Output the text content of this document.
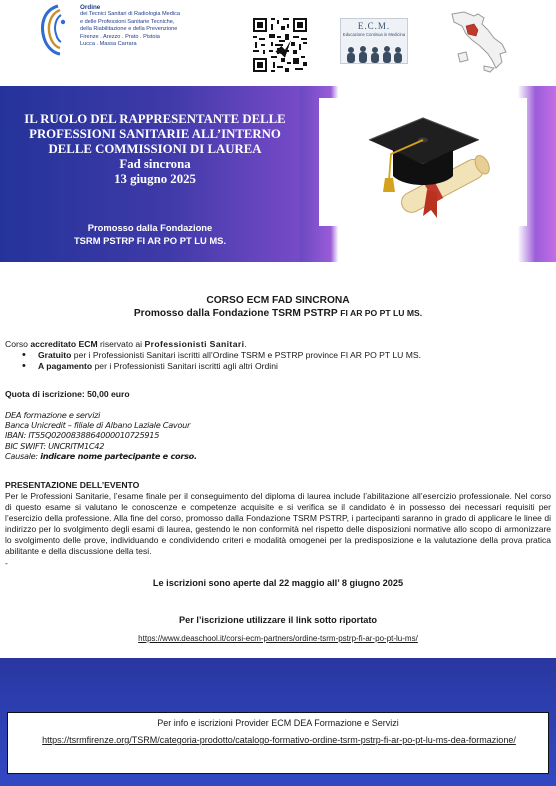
Ordine
dei Tecnici Sanitari di Radiologia Medica
e delle Professioni Sanitarie Tecniche,
della Riabilitazione e della Prevenzione
Firenze . Arezzo . Prato . Pistoia
Lucca . Massa Carrara
E.C.M.
Educazione Continua in Medicina
IL RUOLO DEL RAPPRESENTANTE DELLE
PROFESSIONI SANITARIE ALL’INTERNO
DELLE COMMISSIONI DI LAUREA
Fad sincrona
13 giugno 2025
Promosso dalla Fondazione
TSRM PSTRP FI AR PO PT LU MS.
CORSO ECM FAD SINCRONA
Promosso dalla Fondazione TSRM PSTRP FI AR PO PT LU MS.
Corso accreditato ECM riservato ai Professionisti Sanitari.
• Gratuito per i Professionisti Sanitari iscritti all’Ordine TSRM e PSTRP province FI AR PO PT LU MS.
• A pagamento per i Professionisti Sanitari iscritti agli altri Ordini
Quota di iscrizione: 50,00 euro
DEA formazione e servizi
Banca Unicredit – filiale di Albano Laziale Cavour
IBAN: IT55Q0200838864000010725915
BIC SWIFT: UNCRITM1C42
Causale: indicare nome partecipante e corso.
PRESENTAZIONE DELL’EVENTO
Per le Professioni Sanitarie, l’esame finale per il conseguimento del diploma di laurea include l’abilitazione all’esercizio professionale. Nel corso di questo esame si valutano le conoscenze e competenze acquisite e si verifica se il candidato è in possesso dei necessari requisiti per l’esercizio della professione. Alla fine del corso, promosso dalla Fondazione TSRM PSTRP, i partecipanti saranno in grado di applicare le linee di indirizzo per lo svolgimento degli esami di laurea, gestendo le non conformità nel rispetto delle disposizioni normative allo scopo di armonizzare lo svolgimento delle prove, individuando e condividendo criteri e modalità omogenei per la predisposizione e la valutazione della prova pratica abilitante e della discussione della tesi.
-
Le iscrizioni sono aperte dal 22 maggio all’ 8 giugno 2025
Per l’iscrizione utilizzare il link sotto riportato
https://www.deaschool.it/corsi-ecm-partners/ordine-tsrm-pstrp-fi-ar-po-pt-lu-ms/
Per info e iscrizioni Provider ECM DEA Formazione e Servizi
https://tsrmfirenze.org/TSRM/categoria-prodotto/catalogo-formativo-ordine-tsrm-pstrp-fi-ar-po-pt-lu-ms-dea-formazione/
